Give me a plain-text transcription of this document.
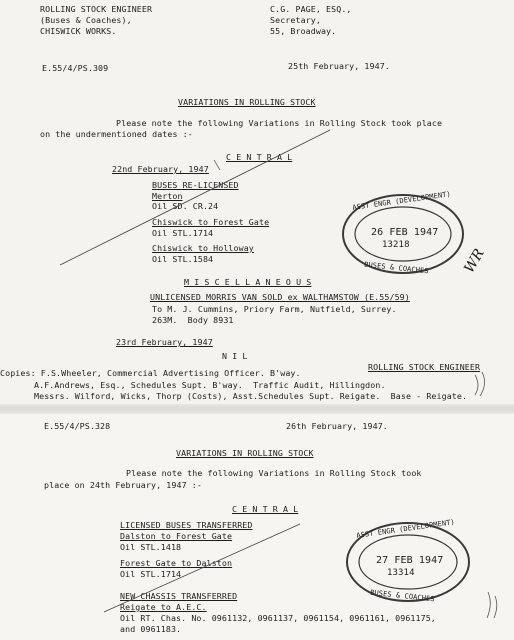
ROLLING STOCK ENGINEER
(Buses & Coaches),
CHISWICK WORKS.
C.G. PAGE, ESQ.,
Secretary,
55, Broadway.
E.55/4/PS.309	25th February, 1947.
VARIATIONS IN ROLLING STOCK
Please note the following Variations in Rolling Stock took place
on the undermentioned dates :-
C E N T R A L
22nd February, 1947
BUSES RE-LICENSED
Merton
Oil SD. CR.24
Chiswick to Forest Gate
Oil STL.1714
Chiswick to Holloway
Oil STL.1584
M I S C E L L A N E O U S
UNLICENSED MORRIS VAN SOLD ex WALTHAMSTOW (E.55/59)
To M. J. Cummins, Priory Farm, Nutfield, Surrey.
263M.  Body 8931
23rd February, 1947
N I L
ROLLING STOCK ENGINEER
Copies: F.S.Wheeler, Commercial Advertising Officer. B'way.
A.F.Andrews, Esq., Schedules Supt. B'way.  Traffic Audit, Hillingdon.
Messrs. Wilford, Wicks, Thorp (Costs), Asst.Schedules Supt. Reigate.  Base - Reigate.
ASST ENGR (DEVELOPMENT)
26 FEB 1947
13218
BUSES & COACHES WR
E.55/4/PS.328	26th February, 1947.
VARIATIONS IN ROLLING STOCK
Please note the following Variations in Rolling Stock took
place on 24th February, 1947 :-
C E N T R A L
LICENSED BUSES TRANSFERRED
Dalston to Forest Gate
Oil STL.1418
Forest Gate to Dalston
Oil STL.1714
NEW CHASSIS TRANSFERRED
Reigate to A.E.C.
Oil RT. Chas. No. 0961132, 0961137, 0961154, 0961161, 0961175,
and 0961183.
ASST ENGR (DEVELOPMENT)
27 FEB 1947
13314
BUSES & COACHES
